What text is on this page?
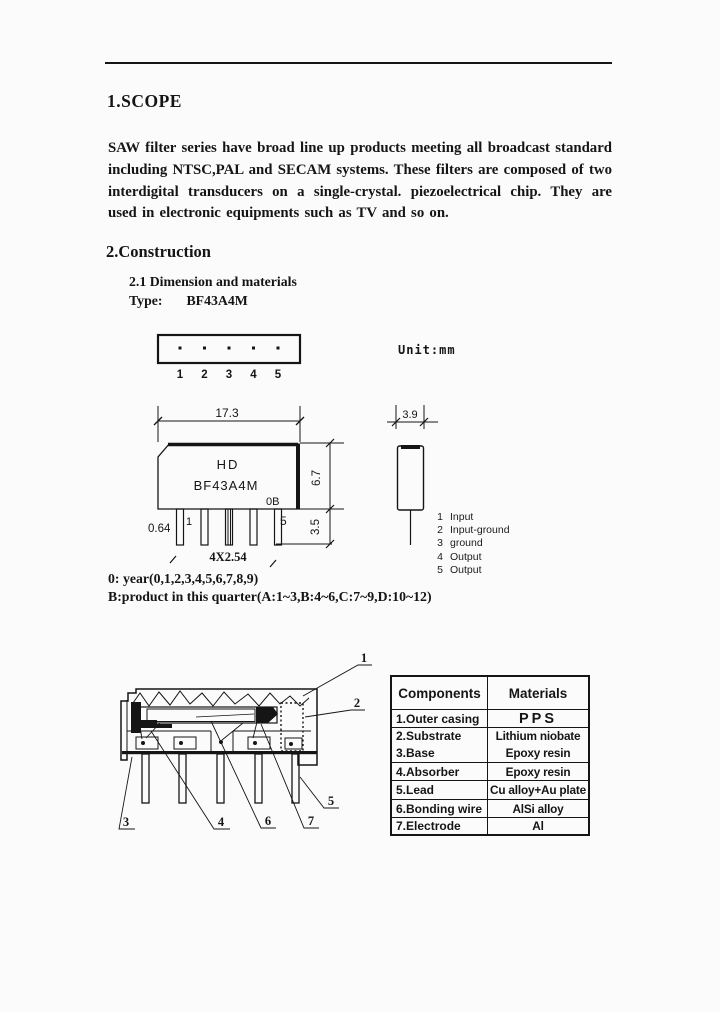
1.SCOPE
SAW filter series have broad line up products meeting all broadcast standard including NTSC,PAL and SECAM systems. These filters are composed of two interdigital transducers on a single-crystal. piezoelectrical chip. They are used in electronic equipments such as TV and so on.
2.Construction
2.1 Dimension and materials
Type: BF43A4M
1 2 3 4 5
Unit:mm
17.3
HD
BF43A4M
0B
1	5
0.64
4X2.54
6.7
3.5
3.9
1 Input
2 Input-ground
3 ground
4 Output
5 Output
0: year(0,1,2,3,4,5,6,7,8,9)
B:product in this quarter(A:1~3,B:4~6,C:7~9,D:10~12)
1
2
3	4
5
6	7
Components	Materials
1.Outer casing	PPS
2.Substrate	Lithium niobate
3.Base	Epoxy resin
4.Absorber	Epoxy resin
5.Lead	Cu alloy+Au plate
6.Bonding wire	AlSi alloy
7.Electrode	Al
